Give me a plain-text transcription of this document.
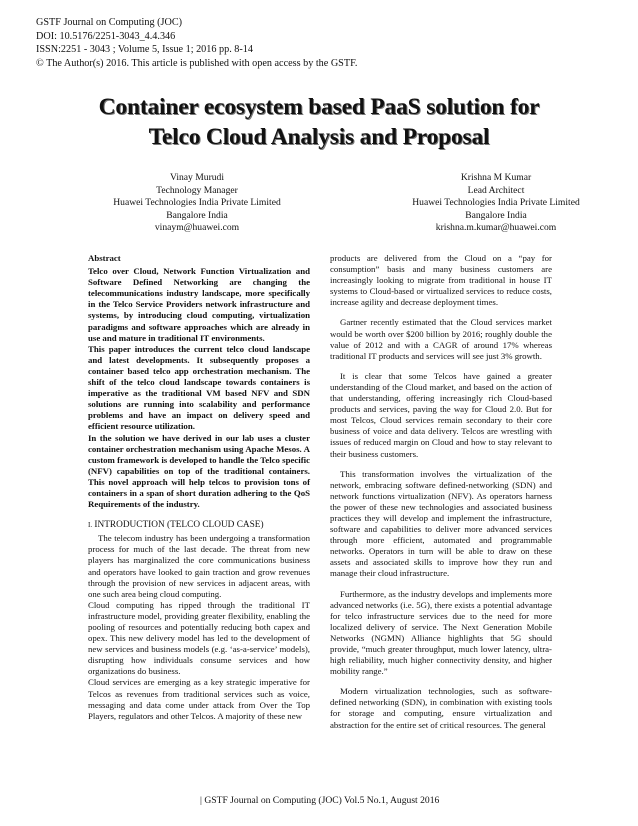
GSTF Journal on Computing (JOC)
DOI: 10.5176/2251-3043_4.4.346
ISSN:2251 - 3043 ; Volume 5, Issue 1; 2016 pp. 8-14
© The Author(s) 2016. This article is published with open access by the GSTF.
Container ecosystem based PaaS solution for
Telco Cloud Analysis and Proposal
Vinay Murudi
Technology Manager
Huawei Technologies India Private Limited
Bangalore India
vinaym@huawei.com
Krishna M Kumar
Lead Architect
Huawei Technologies India Private Limited
Bangalore India
krishna.m.kumar@huawei.com
Abstract

Telco over Cloud, Network Function Virtualization and Software Defined Networking are changing the telecommunications industry landscape, more specifically in the Telco Service Providers network infrastructure and systems, by introducing cloud computing, virtualization paradigms and software approaches which are already in use and mature in traditional IT environments.

This paper introduces the current telco cloud landscape and latest developments. It subsequently proposes a container based telco app orchestration mechanism. The shift of the telco cloud landscape towards containers is imperative as the traditional VM based NFV and SDN solutions are running into scalability and performance problems and have an impact on delivery speed and efficient resource utilization.

In the solution we have derived in our lab uses a cluster container orchestration mechanism using Apache Mesos. A custom framework is developed to handle the Telco specific (NFV) capabilities on top of the traditional containers. This novel approach will help telcos to provision tons of containers in a span of short duration adhering to the QoS Requirements of the industry.

I. INTRODUCTION (TELCO CLOUD CASE)

The telecom industry has been undergoing a transformation process for much of the last decade. The threat from new players has marginalized the core communications business and operators have looked to gain traction and grow revenues through the provision of new services in adjacent areas, with one such area being cloud computing.

Cloud computing has ripped through the traditional IT infrastructure model, providing greater flexibility, enabling the pooling of resources and potentially reducing both capex and opex. This new delivery model has led to the development of new services and business models (e.g. ‘as-a-service’ models), disrupting how individuals consume services and how organizations do business.

Cloud services are emerging as a key strategic imperative for Telcos as revenues from traditional services such as voice, messaging and data come under attack from Over the Top Players, regulators and other Telcos. A majority of these new

products are delivered from the Cloud on a “pay for consumption” basis and many business customers are increasingly looking to migrate from traditional in house IT systems to Cloud-based or virtualized services to reduce costs, increase agility and decrease deployment times.

Gartner recently estimated that the Cloud services market would be worth over $200 billion by 2016; roughly double the value of 2012 and with a CAGR of around 17% whereas traditional IT products and services will see just 3% growth.

It is clear that some Telcos have gained a greater understanding of the Cloud market, and based on the action of that understanding, offering increasingly rich Cloud-based products and services, paving the way for Cloud 2.0. But for most Telcos, Cloud services remain secondary to their core business of voice and data delivery. Telcos are wrestling with issues of reduced margin on Cloud and how to stay relevant to their business customers.

This transformation involves the virtualization of the network, embracing software defined-networking (SDN) and network functions virtualization (NFV). As operators harness the power of these new technologies and associated business practices they will develop and implement the infrastructure, software and capabilities to deliver more advanced services through more efficient, automated and programmable networks. Operators in turn will be able to draw on these assets and associated skills to improve how they run and manage their cloud infrastructure.

Furthermore, as the industry develops and implements more advanced networks (i.e. 5G), there exists a potential advantage for telco infrastructure services due to the need for more localized delivery of service. The Next Generation Mobile Networks (NGMN) Alliance highlights that 5G should provide, “much greater throughput, much lower latency, ultra-high reliability, much higher connectivity density, and higher mobility range.”

Modern virtualization technologies, such as software-defined networking (SDN), in combination with existing tools for storage and computing, ensure virtualization and abstraction for the entire set of critical resources. The general

| GSTF Journal on Computing (JOC) Vol.5 No.1, August 2016
